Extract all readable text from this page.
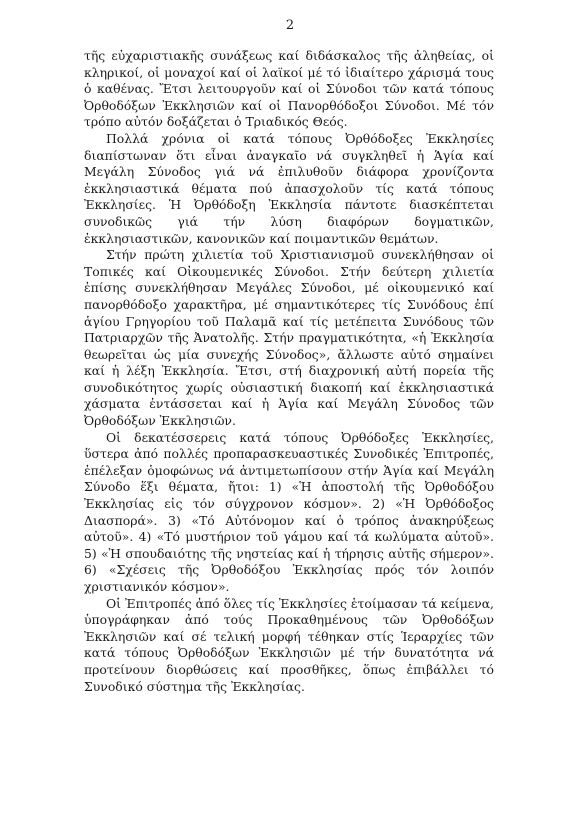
2

τῆς εὐχαριστιακῆς συνάξεως καί διδάσκαλος τῆς ἀληθείας, οἱ κληρικοί, οἱ μοναχοί καί οἱ λαϊκοί μέ τό ἰδιαίτερο χάρισμά τους ὁ καθένας. Ἔτσι λειτουργοῦν καί οἱ Σύνοδοι τῶν κατά τόπους Ὀρθοδόξων Ἐκκλησιῶν καί οἱ Πανορθόδοξοι Σύνοδοι. Μέ τόν τρόπο αὐτόν δοξάζεται ὁ Τριαδικός Θεός.

Πολλά χρόνια οἱ κατά τόπους Ὀρθόδοξες Ἐκκλησίες διαπίστωναν ὅτι εἶναι ἀναγκαῖο νά συγκληθεῖ ἡ Ἁγία καί Μεγάλη Σύνοδος γιά νά ἐπιλυθοῦν διάφορα χρονίζοντα ἐκκλησιαστικά θέματα πού ἀπασχολοῦν τίς κατά τόπους Ἐκκλησίες. Ἡ Ὀρθόδοξη Ἐκκλησία πάντοτε διασκέπτεται συνοδικῶς γιά τήν λύση διαφόρων δογματικῶν, ἐκκλησιαστικῶν, κανονικῶν καί ποιμαντικῶν θεμάτων.

Στήν πρώτη χιλιετία τοῦ Χριστιανισμοῦ συνεκλήθησαν οἱ Τοπικές καί Οἰκουμενικές Σύνοδοι. Στήν δεύτερη χιλιετία ἐπίσης συνεκλήθησαν Μεγάλες Σύνοδοι, μέ οἰκουμενικό καί πανορθόδοξο χαρακτῆρα, μέ σημαντικότερες τίς Συνόδους ἐπί ἁγίου Γρηγορίου τοῦ Παλαμᾶ καί τίς μετέπειτα Συνόδους τῶν Πατριαρχῶν τῆς Ἀνατολῆς. Στήν πραγματικότητα, «ἡ Ἐκκλησία θεωρεῖται ὡς μία συνεχής Σύνοδος», ἄλλωστε αὐτό σημαίνει καί ἡ λέξη Ἐκκλησία. Ἔτσι, στή διαχρονική αὐτή πορεία τῆς συνοδικότητος χωρίς οὐσιαστική διακοπή καί ἐκκλησιαστικά χάσματα ἐντάσσεται καί ἡ Ἁγία καί Μεγάλη Σύνοδος τῶν Ὀρθοδόξων Ἐκκλησιῶν.

Οἱ δεκατέσσερεις κατά τόπους Ὀρθόδοξες Ἐκκλησίες, ὕστερα ἀπό πολλές προπαρασκευαστικές Συνοδικές Ἐπιτροπές, ἐπέλεξαν ὁμοφώνως νά ἀντιμετωπίσουν στήν Ἁγία καί Μεγάλη Σύνοδο ἕξι θέματα, ἤτοι: 1) «Ἡ ἀποστολή τῆς Ὀρθοδόξου Ἐκκλησίας εἰς τόν σύγχρονον κόσμον». 2) «Ἡ Ὀρθόδοξος Διασπορά». 3) «Τό Αὐτόνομον καί ὁ τρόπος ἀνακηρύξεως αὐτοῦ». 4) «Τό μυστήριον τοῦ γάμου καί τά κωλύματα αὐτοῦ». 5) «Ἡ σπουδαιότης τῆς νηστείας καί ἡ τήρησις αὐτῆς σήμερον». 6) «Σχέσεις τῆς Ὀρθοδόξου Ἐκκλησίας πρός τόν λοιπόν χριστιανικόν κόσμον».

Οἱ Ἐπιτροπές ἀπό ὅλες τίς Ἐκκλησίες ἑτοίμασαν τά κείμενα, ὑπογράφηκαν ἀπό τούς Προκαθημένους τῶν Ὀρθοδόξων Ἐκκλησιῶν καί σέ τελική μορφή τέθηκαν στίς Ἱεραρχίες τῶν κατά τόπους Ὀρθοδόξων Ἐκκλησιῶν μέ τήν δυνατότητα νά προτείνουν διορθώσεις καί προσθῆκες, ὅπως ἐπιβάλλει τό Συνοδικό σύστημα τῆς Ἐκκλησίας.
